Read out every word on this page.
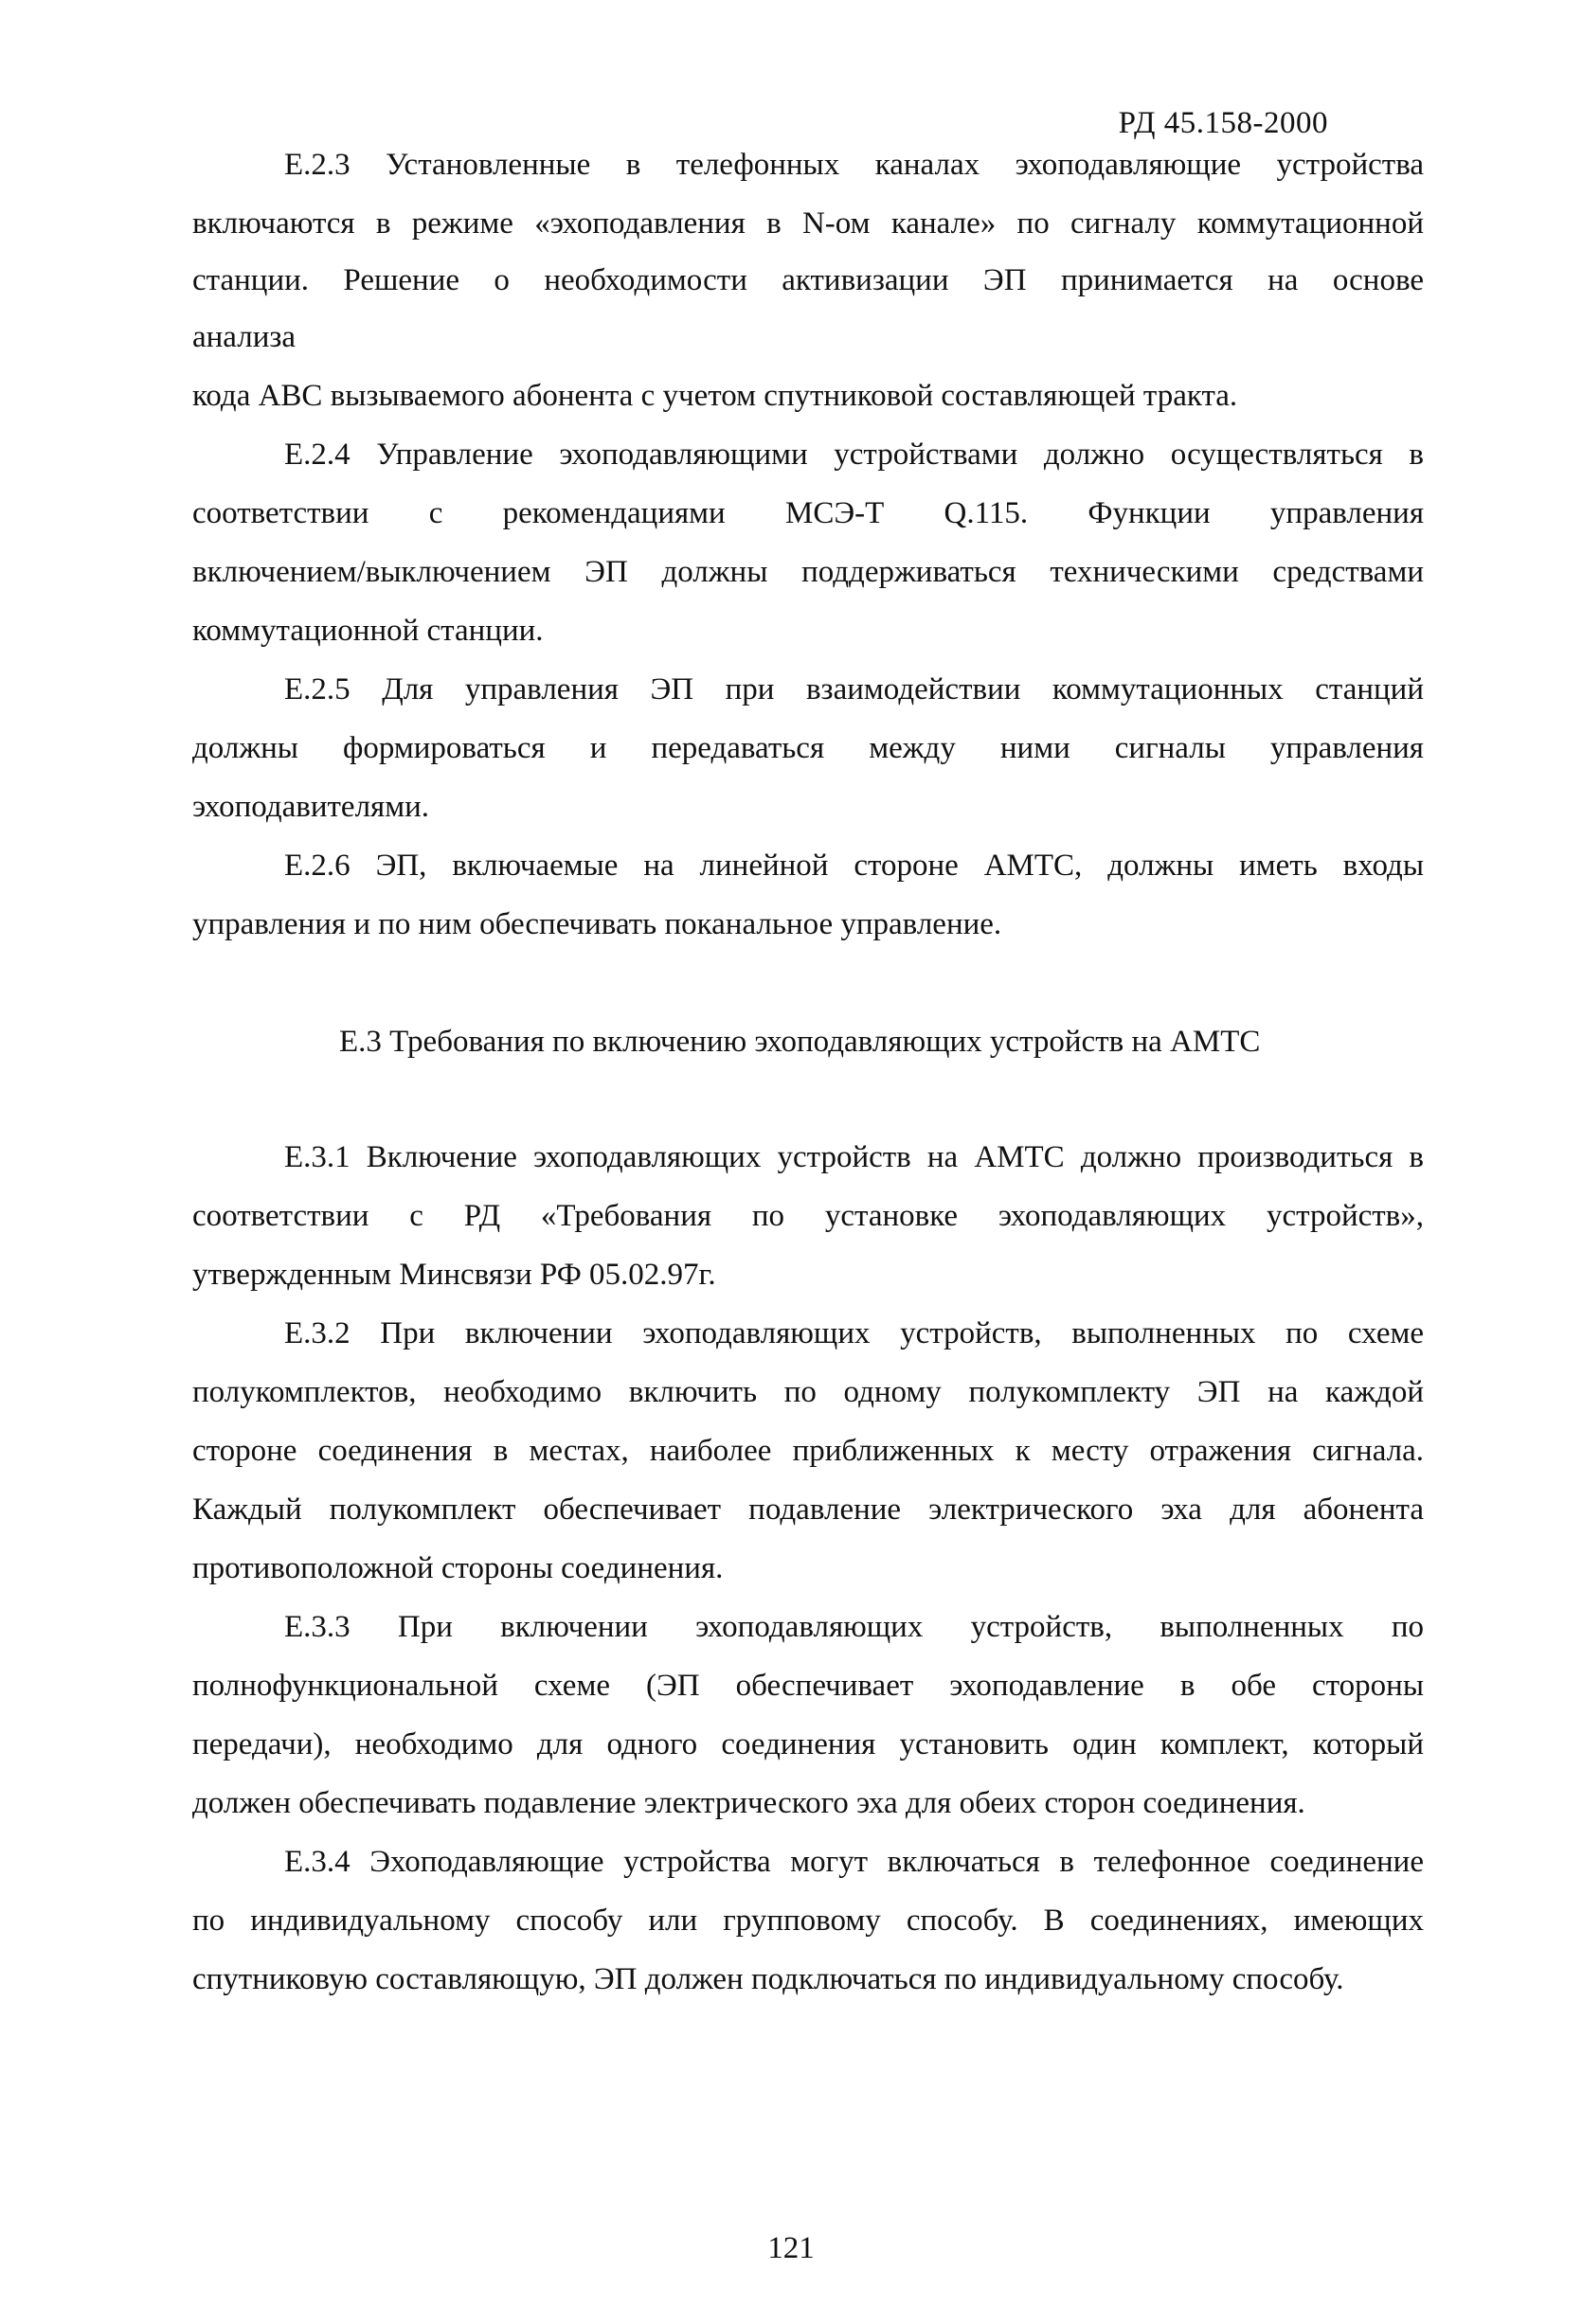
РД 45.158-2000
Е.2.3 Установленные в телефонных каналах эхоподавляющие устройства
включаются в режиме «эхоподавления в N-ом канале» по сигналу коммутационной
станции. Решение о необходимости активизации ЭП принимается на основе
анализа
кода АВС вызываемого абонента с учетом спутниковой составляющей тракта.
Е.2.4 Управление эхоподавляющими устройствами должно осуществляться в
соответствии с рекомендациями МСЭ-Т Q.115. Функции управления
включением/выключением ЭП должны поддерживаться техническими средствами
коммутационной станции.
Е.2.5 Для управления ЭП при взаимодействии коммутационных станций
должны формироваться и передаваться между ними сигналы управления
эхоподавителями.
Е.2.6 ЭП, включаемые на линейной стороне АМТС, должны иметь входы
управления и по ним обеспечивать поканальное управление.
Е.3 Требования по включению эхоподавляющих устройств на АМТС
Е.3.1 Включение эхоподавляющих устройств на АМТС должно производиться в
соответствии с РД «Требования по установке эхоподавляющих устройств»,
утвержденным Минсвязи РФ 05.02.97г.
Е.3.2 При включении эхоподавляющих устройств, выполненных по схеме
полукомплектов, необходимо включить по одному полукомплекту ЭП на каждой
стороне соединения в местах, наиболее приближенных к месту отражения сигнала.
Каждый полукомплект обеспечивает подавление электрического эха для абонента
противоположной стороны соединения.
Е.3.3 При включении эхоподавляющих устройств, выполненных по
полнофункциональной схеме (ЭП обеспечивает эхоподавление в обе стороны
передачи), необходимо для одного соединения установить один комплект, который
должен обеспечивать подавление электрического эха для обеих сторон соединения.
Е.3.4 Эхоподавляющие устройства могут включаться в телефонное соединение
по индивидуальному способу или групповому способу. В соединениях, имеющих
спутниковую составляющую, ЭП должен подключаться по индивидуальному способу.
121
